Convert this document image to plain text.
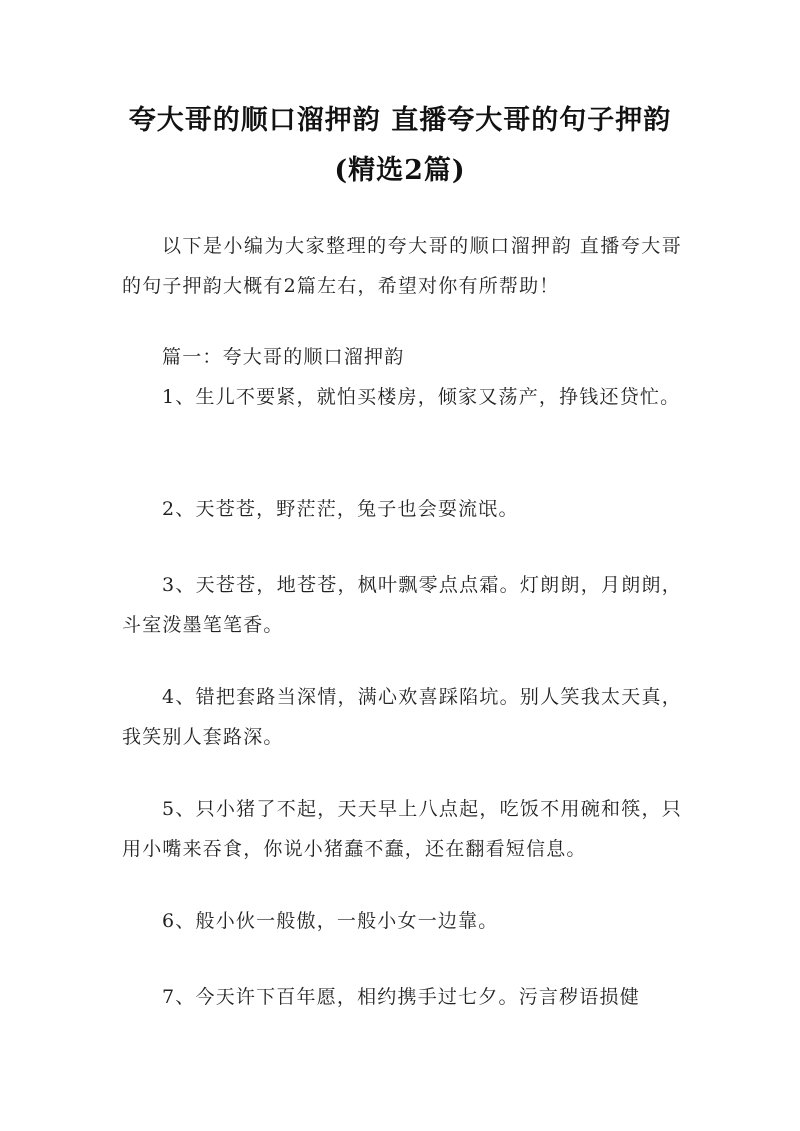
夸大哥的顺口溜押韵 直播夸大哥的句子押韵(精选2篇)
以下是小编为大家整理的夸大哥的顺口溜押韵 直播夸大哥的句子押韵大概有2篇左右，希望对你有所帮助！
篇一：夸大哥的顺口溜押韵
1、生儿不要紧，就怕买楼房，倾家又荡产，挣钱还贷忙。
2、天苍苍，野茫茫，兔子也会耍流氓。
3、天苍苍，地苍苍，枫叶飘零点点霜。灯朗朗，月朗朗，斗室泼墨笔笔香。
4、错把套路当深情，满心欢喜踩陷坑。别人笑我太天真，我笑别人套路深。
5、只小猪了不起，天天早上八点起，吃饭不用碗和筷，只用小嘴来吞食，你说小猪蠢不蠢，还在翻看短信息。
6、般小伙一般傲，一般小女一边靠。
7、今天许下百年愿，相约携手过七夕。污言秽语损健
